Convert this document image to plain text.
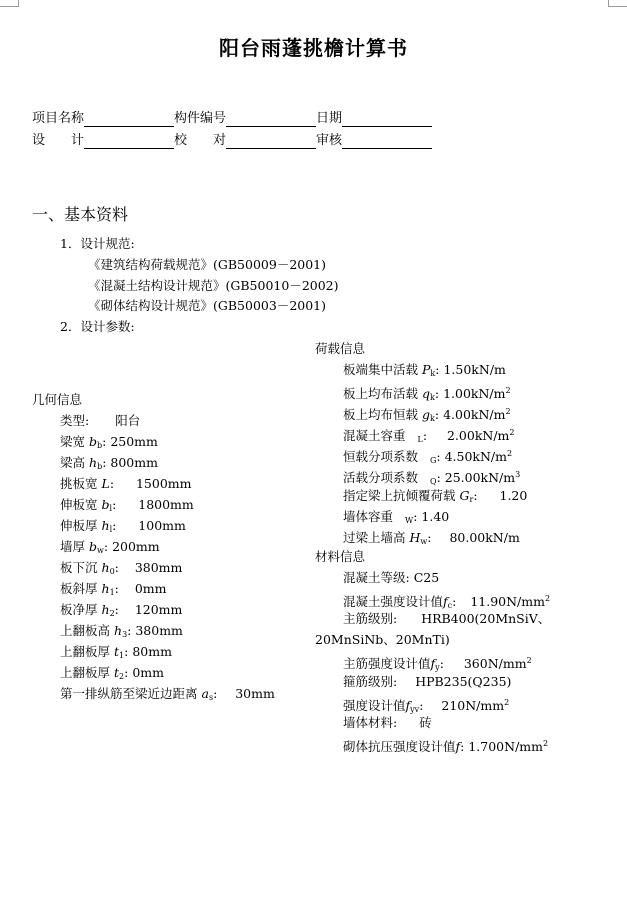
阳台雨蓬挑檐计算书
项目名称	构件编号	日期
设　　计	校　　对	审核
一、基本资料
1．设计规范:
《建筑结构荷载规范》(GB50009－2001)
《混凝土结构设计规范》(GB50010－2002)
《砌体结构设计规范》(GB50003－2001)
2．设计参数:
几何信息
类型: 阳台
梁宽 $b_b$: 250mm
梁高 $h_b$: 800mm
挑板宽 L:  1500mm
伸板宽 $b_l$:  1800mm
伸板厚 $h_l$:  100mm
墙厚 $b_w$: 200mm
板下沉 $h_0$:  380mm
板斜厚 $h_1$:  0mm
板净厚 $h_2$:  120mm
上翻板高 $h_3$: 380mm
上翻板厚 $t_1$: 80mm
上翻板厚 $t_2$: 0mm
第一排纵筋至梁近边距离 $a_s$:  30mm
荷载信息
板端集中活载 $P_k$: 1.50kN/m
板上均布活载 $q_k$: $1.00kN/m^2$
板上均布恒载 $g_k$: $4.00kN/m^2$
混凝土容重 $_L$:  $2.00kN/m^2$
恒载分项系数 $_G$: $4.50kN/m^2$
活载分项系数 $_Q$: $25.00kN/m^3$
指定梁上抗倾覆荷载 $G_r$:  1.20
墙体容重 $_W$: 1.40
过梁上墙高 $H_w$:  80.00kN/m
材料信息
混凝土等级: C25
混凝土强度设计值$f_c$:  $11.90N/mm^2$
主筋级别: HRB400(20MnSiV、
20MnSiNb、20MnTi)
主筋强度设计值$f_y$:  $360N/mm^2$
箍筋级别: HPB235(Q235)
强度设计值$f_{yv}$:  $210N/mm^2$
墙体材料: 砖
砌体抗压强度设计值f: $1.700N/mm^2$
